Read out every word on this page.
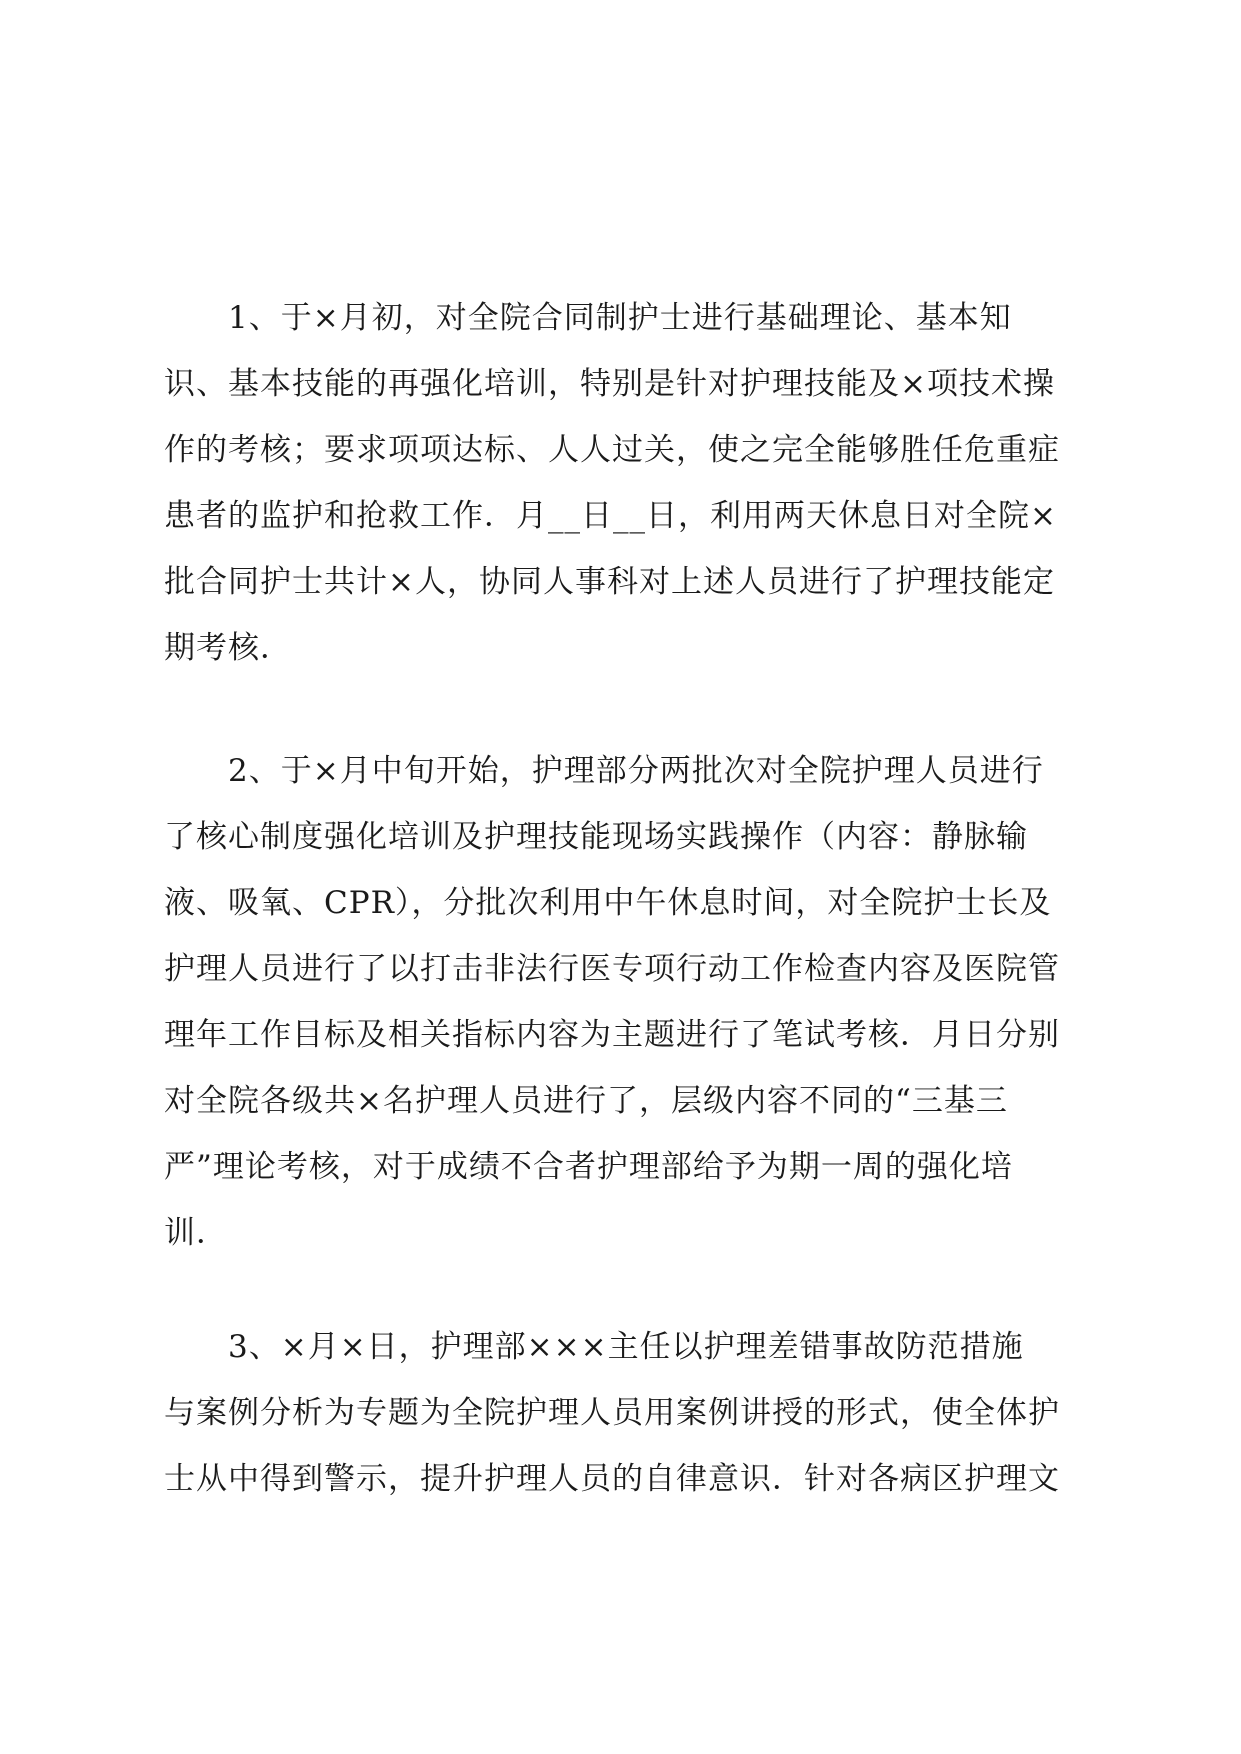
1、于×月初，对全院合同制护士进行基础理论、基本知
识、基本技能的再强化培训，特别是针对护理技能及×项技术操
作的考核；要求项项达标、人人过关，使之完全能够胜任危重症
患者的监护和抢救工作．月__日__日，利用两天休息日对全院×
批合同护士共计×人，协同人事科对上述人员进行了护理技能定
期考核．
2、于×月中旬开始，护理部分两批次对全院护理人员进行
了核心制度强化培训及护理技能现场实践操作（内容：静脉输
液、吸氧、CPR），分批次利用中午休息时间，对全院护士长及
护理人员进行了以打击非法行医专项行动工作检查内容及医院管
理年工作目标及相关指标内容为主题进行了笔试考核．月日分别
对全院各级共×名护理人员进行了，层级内容不同的“三基三
严”理论考核，对于成绩不合者护理部给予为期一周的强化培
训．
3、×月×日，护理部×××主任以护理差错事故防范措施
与案例分析为专题为全院护理人员用案例讲授的形式，使全体护
士从中得到警示，提升护理人员的自律意识．针对各病区护理文
